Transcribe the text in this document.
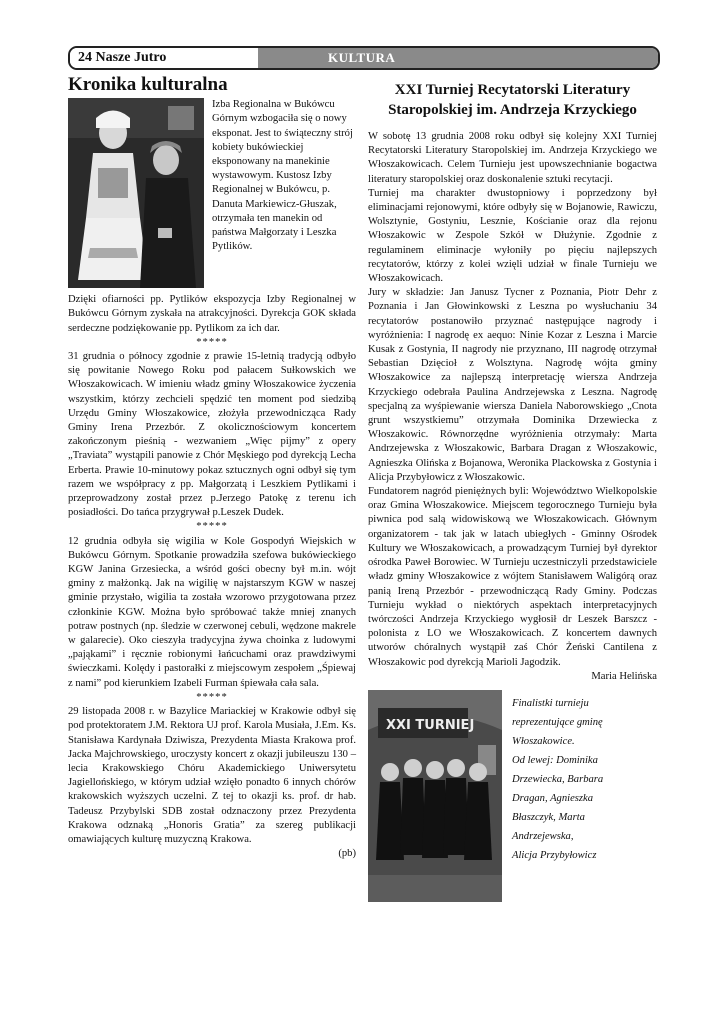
24 Nasze Jutro	KULTURA
Kronika kulturalna
Izba Regionalna w Bukówcu Górnym wzbogaciła się o nowy eksponat. Jest to świąteczny strój kobiety bukówieckiej eksponowany na manekinie wystawowym. Kustosz Izby Regionalnej w Bukówcu, p. Danuta Markiewicz-Głuszak, otrzymała ten manekin od państwa Małgorzaty i Leszka Pytlików.

Dzięki ofiarności pp. Pytlików ekspozycja Izby Regionalnej w Bukówcu Górnym zyskała na atrakcyjności. Dyrekcja GOK składa serdeczne podziękowanie pp. Pytlikom za ich dar.

*****

31 grudnia o północy zgodnie z prawie 15-letnią tradycją odbyło się powitanie Nowego Roku pod pałacem Sułkowskich we Włoszakowicach. W imieniu władz gminy Włoszakowice życzenia wszystkim, którzy zechcieli spędzić ten moment pod siedzibą Urzędu Gminy Włoszakowice, złożyła przewodnicząca Rady Gminy Irena Przezbór. Z okolicznościowym koncertem zakończonym pieśnią - wezwaniem „Więc pijmy” z opery „Traviata” wystąpili panowie z Chór Męskiego pod dyrekcją Lecha Erberta. Prawie 10-minutowy pokaz sztucznych ogni odbył się tym razem we współpracy z pp. Małgorzatą i Leszkiem Pytlikami i przeprowadzony został przez p.Jerzego Patokę z terenu ich posiadłości. Do tańca przygrywał p.Leszek Dudek.

*****

12 grudnia odbyła się wigilia w Kole Gospodyń Wiejskich w Bukówcu Górnym. Spotkanie prowadziła szefowa bukówieckiego KGW Janina Grzesiecka, a wśród gości obecny był m.in. wójt gminy z małżonką. Jak na wigilię w najstarszym KGW w naszej gminie przystało, wigilia ta została wzorowo przygotowana przez członkinie KGW. Można było spróbować także mniej znanych potraw postnych (np. śledzie w czerwonej cebuli, wędzone makrele w galarecie). Oko cieszyła tradycyjna żywa choinka z ludowymi „pająkami” i ręcznie robionymi łańcuchami oraz prawdziwymi świeczkami. Kolędy i pastorałki z miejscowym zespołem „Śpiewaj z nami” pod kierunkiem Izabeli Furman śpiewała cała sala.

*****

29 listopada 2008 r. w Bazylice Mariackiej w Krakowie odbył się pod protektoratem J.M. Rektora UJ prof. Karola Musiała, J.Em. Ks. Stanisława Kardynała Dziwisza, Prezydenta Miasta Krakowa prof. Jacka Majchrowskiego, uroczysty koncert z okazji jubileuszu 130 – lecia Krakowskiego Chóru Akademickiego Uniwersytetu Jagiellońskiego, w którym udział wzięło ponadto 6 innych chórów krakowskich wyższych uczelni. Z tej to okazji ks. prof. dr hab. Tadeusz Przybylski SDB został odznaczony przez Prezydenta Krakowa odznaką „Honoris Gratia” za szereg publikacji omawiających kulturę muzyczną Krakowa.

(pb)

XXI Turniej Recytatorski Literatury Staropolskiej im. Andrzeja Krzyckiego

W sobotę 13 grudnia 2008 roku odbył się kolejny XXI Turniej Recytatorski Literatury Staropolskiej im. Andrzeja Krzyckiego we Włoszakowicach. Celem Turnieju jest upowszechnianie bogactwa literatury staropolskiej oraz doskonalenie sztuki recytacji.

Turniej ma charakter dwustopniowy i poprzedzony był eliminacjami rejonowymi, które odbyły się w Bojanowie, Rawiczu, Wolsztynie, Gostyniu, Lesznie, Kościanie oraz dla rejonu Włoszakowic w Zespole Szkół w Dłużynie. Zgodnie z regulaminem eliminacje wyłoniły po pięciu najlepszych recytatorów, którzy z kolei wzięli udział w finale Turnieju we Włoszakowicach.

Jury w składzie: Jan Janusz Tycner z Poznania, Piotr Dehr z Poznania i Jan Głowinkowski z Leszna po wysłuchaniu 34 recytatorów postanowiło przyznać następujące nagrody i wyróżnienia: I nagrodę ex aequo: Ninie Kozar z Leszna i Marcie Kusak z Gostynia, II nagrody nie przyznano, III nagrodę otrzymał Sebastian Dzięcioł z Wolsztyna. Nagrodę wójta gminy Włoszakowice za najlepszą interpretację wiersza Andrzeja Krzyckiego odebrała Paulina Andrzejewska z Leszna. Nagrodę specjalną za wyśpiewanie wiersza Daniela Naborowskiego „Cnota grunt wszystkiemu” otrzymała Dominika Drzewiecka z Włoszakowic. Równorzędne wyróżnienia otrzymały: Marta Andrzejewska z Włoszakowic, Barbara Dragan z Włoszakowic, Agnieszka Olińska z Bojanowa, Weronika Plackowska z Gostynia i Alicja Przybyłowicz z Włoszakowic.

Fundatorem nagród pieniężnych byli: Województwo Wielkopolskie oraz Gmina Włoszakowice. Miejscem tegorocznego Turnieju była piwnica pod salą widowiskową we Włoszakowicach. Głównym organizatorem - tak jak w latach ubiegłych - Gminny Ośrodek Kultury we Włoszakowicach, a prowadzącym Turniej był dyrektor ośrodka Paweł Borowiec. W Turnieju uczestniczyli przedstawiciele władz gminy Włoszakowice z wójtem Stanisławem Waligórą oraz panią Ireną Przezbór - przewodniczącą Rady Gminy. Podczas Turnieju wykład o niektórych aspektach interpretacyjnych twórczości Andrzeja Krzyckiego wygłosił dr Leszek Barszcz - polonista z LO we Włoszakowicach. Z koncertem dawnych utworów chóralnych wystąpił zaś Chór Żeński Cantilena z Włoszakowic pod dyrekcją Marioli Jagodzik.

Maria Helińska

XXI TURNIEJ
Finalistki turnieju
reprezentujące gminę
Włoszakowice.
Od lewej: Dominika
Drzewiecka, Barbara
Dragan, Agnieszka
Błaszczyk, Marta
Andrzejewska,
Alicja Przybyłowicz
